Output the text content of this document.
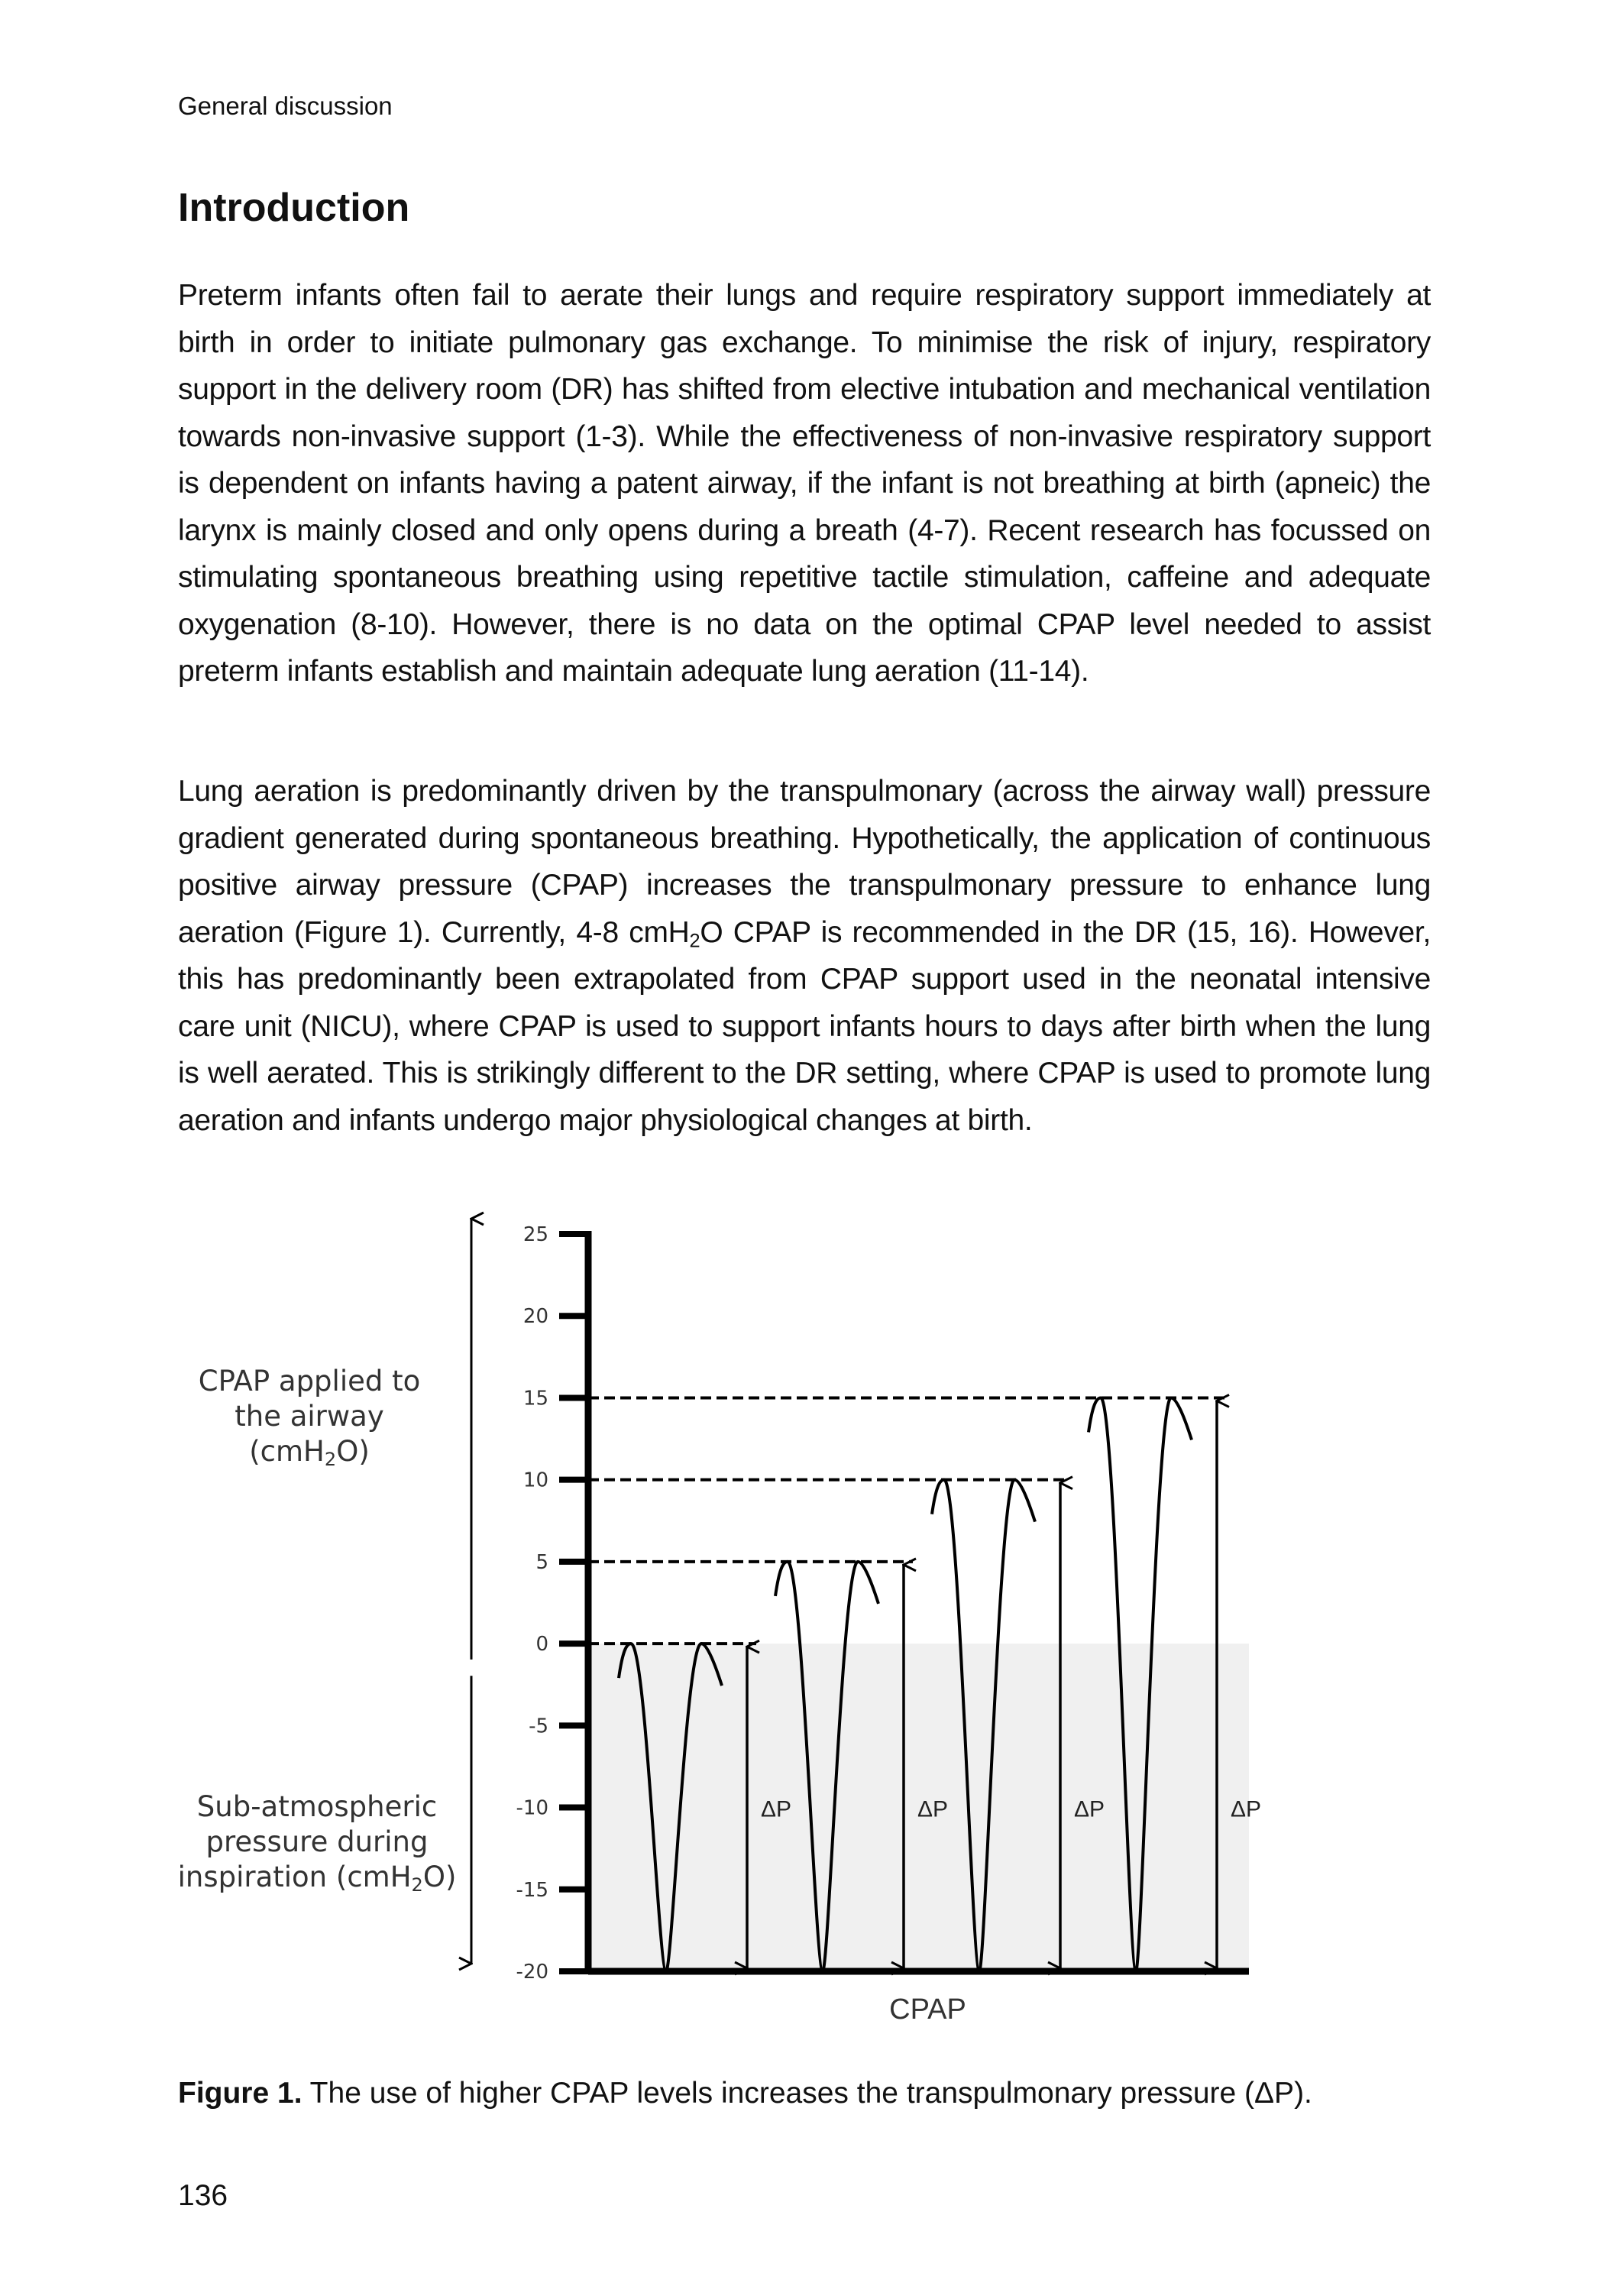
General discussion
Introduction

Preterm infants often fail to aerate their lungs and require respiratory support immediately at birth in order to initiate pulmonary gas exchange. To minimise the risk of injury, respiratory support in the delivery room (DR) has shifted from elective intubation and mechanical ventilation towards non-invasive support (1-3). While the effectiveness of non-invasive respiratory support is dependent on infants having a patent airway, if the infant is not breathing at birth (apneic) the larynx is mainly closed and only opens during a breath (4-7). Recent research has focussed on stimulating spontaneous breathing using repetitive tactile stimulation, caffeine and adequate oxygenation (8-10). However, there is no data on the optimal CPAP level needed to assist preterm infants establish and maintain adequate lung aeration (11-14).

Lung aeration is predominantly driven by the transpulmonary (across the airway wall) pressure gradient generated during spontaneous breathing. Hypothetically, the application of continuous positive airway pressure (CPAP) increases the transpulmonary pressure to enhance lung aeration (Figure 1). Currently, 4-8 cmH$_2$O CPAP is recommended in the DR (15, 16). However, this has predominantly been extrapolated from CPAP support used in the neonatal intensive care unit (NICU), where CPAP is used to support infants hours to days after birth when the lung is well aerated. This is strikingly different to the DR setting, where CPAP is used to promote lung aeration and infants undergo major physiological changes at birth.

CPAP applied to the airway (cmH$_2$O)
Sub-atmospheric pressure during inspiration (cmH$_2$O)
25
20
15
10
5
0
-5
-10
-15
-20
ΔP	ΔP	ΔP	ΔP
CPAP

Figure 1. The use of higher CPAP levels increases the transpulmonary pressure (ΔP).

136
